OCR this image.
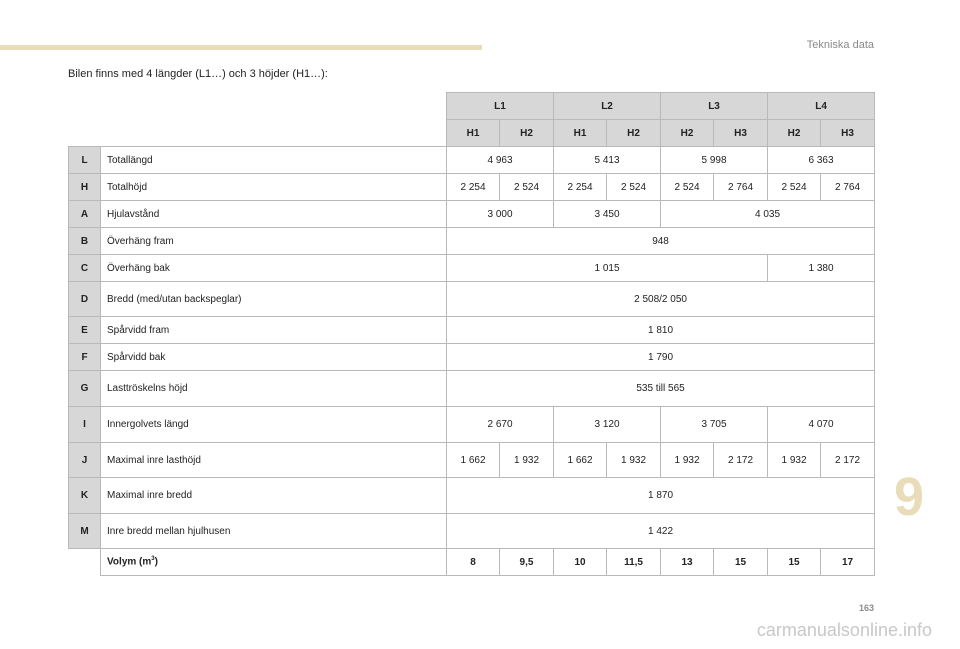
Tekniska data
Bilen finns med 4 längder (L1…) och 3 höjder (H1…):
		L1		L2		L3		L4	
		H1	H2	H1	H2	H2	H3	H2	H3
L	Totallängd	4 963		5 413		5 998		6 363	
H	Totalhöjd	2 254	2 524	2 254	2 524	2 524	2 764	2 524	2 764
A	Hjulavstånd	3 000		3 450		4 035			
B	Överhäng fram	948							
C	Överhäng bak	1 015						1 380	
D	Bredd (med/utan backspeglar)	2 508/2 050							
E	Spårvidd fram	1 810							
F	Spårvidd bak	1 790							
G	Lasttröskelns höjd	535 till 565							
I	Innergolvets längd	2 670		3 120		3 705		4 070	
J	Maximal inre lasthöjd	1 662	1 932	1 662	1 932	1 932	2 172	1 932	2 172
K	Maximal inre bredd	1 870							
M	Inre bredd mellan hjulhusen	1 422							
	Volym $(m^3)$	8	9,5	10	11,5	13	15	15	17
9
163
carmanualsonline.info
